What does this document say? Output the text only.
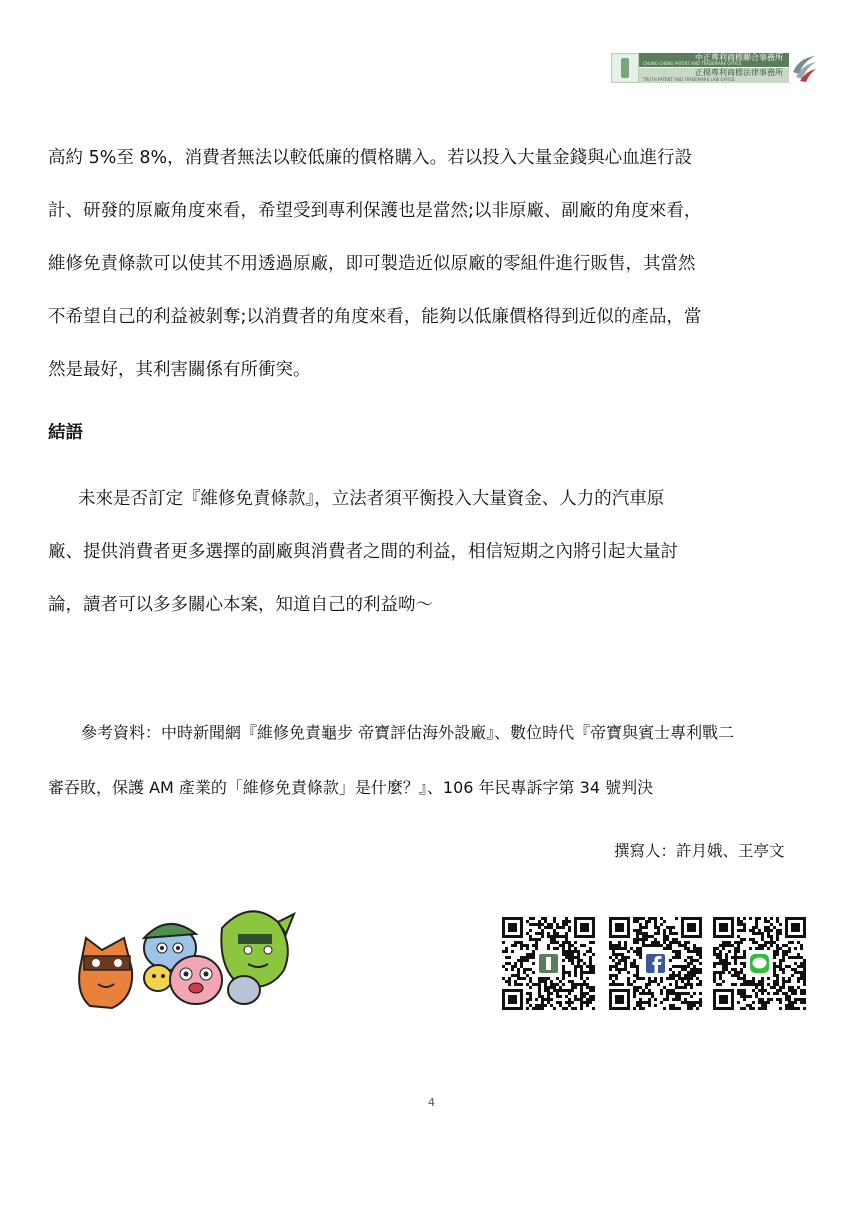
中正專利商標聯合事務所
CHUNG CHENG PATENT AND TRADEMARK OFFICE
正揚專利商標法律事務所
TRUTH PATENT AND TRADEMARK LAW OFFICE
高約 5%至 8%，消費者無法以較低廉的價格購入。若以投入大量金錢與心血進行設
計、研發的原廠角度來看，希望受到專利保護也是當然;以非原廠、副廠的角度來看，
維修免責條款可以使其不用透過原廠，即可製造近似原廠的零組件進行販售，其當然
不希望自己的利益被剝奪;以消費者的角度來看，能夠以低廉價格得到近似的產品，當
然是最好，其利害關係有所衝突。
結語
未來是否訂定『維修免責條款』，立法者須平衡投入大量資金、人力的汽車原
廠、提供消費者更多選擇的副廠與消費者之間的利益，相信短期之內將引起大量討
論，讀者可以多多關心本案，知道自己的利益呦～
參考資料：中時新聞網『維修免責龜步 帝寶評估海外設廠』、數位時代『帝寶與賓士專利戰二
審吞敗，保護 AM 產業的「維修免責條款」是什麼？』、106 年民專訴字第 34 號判決
撰寫人：許月娥、王亭文
4
